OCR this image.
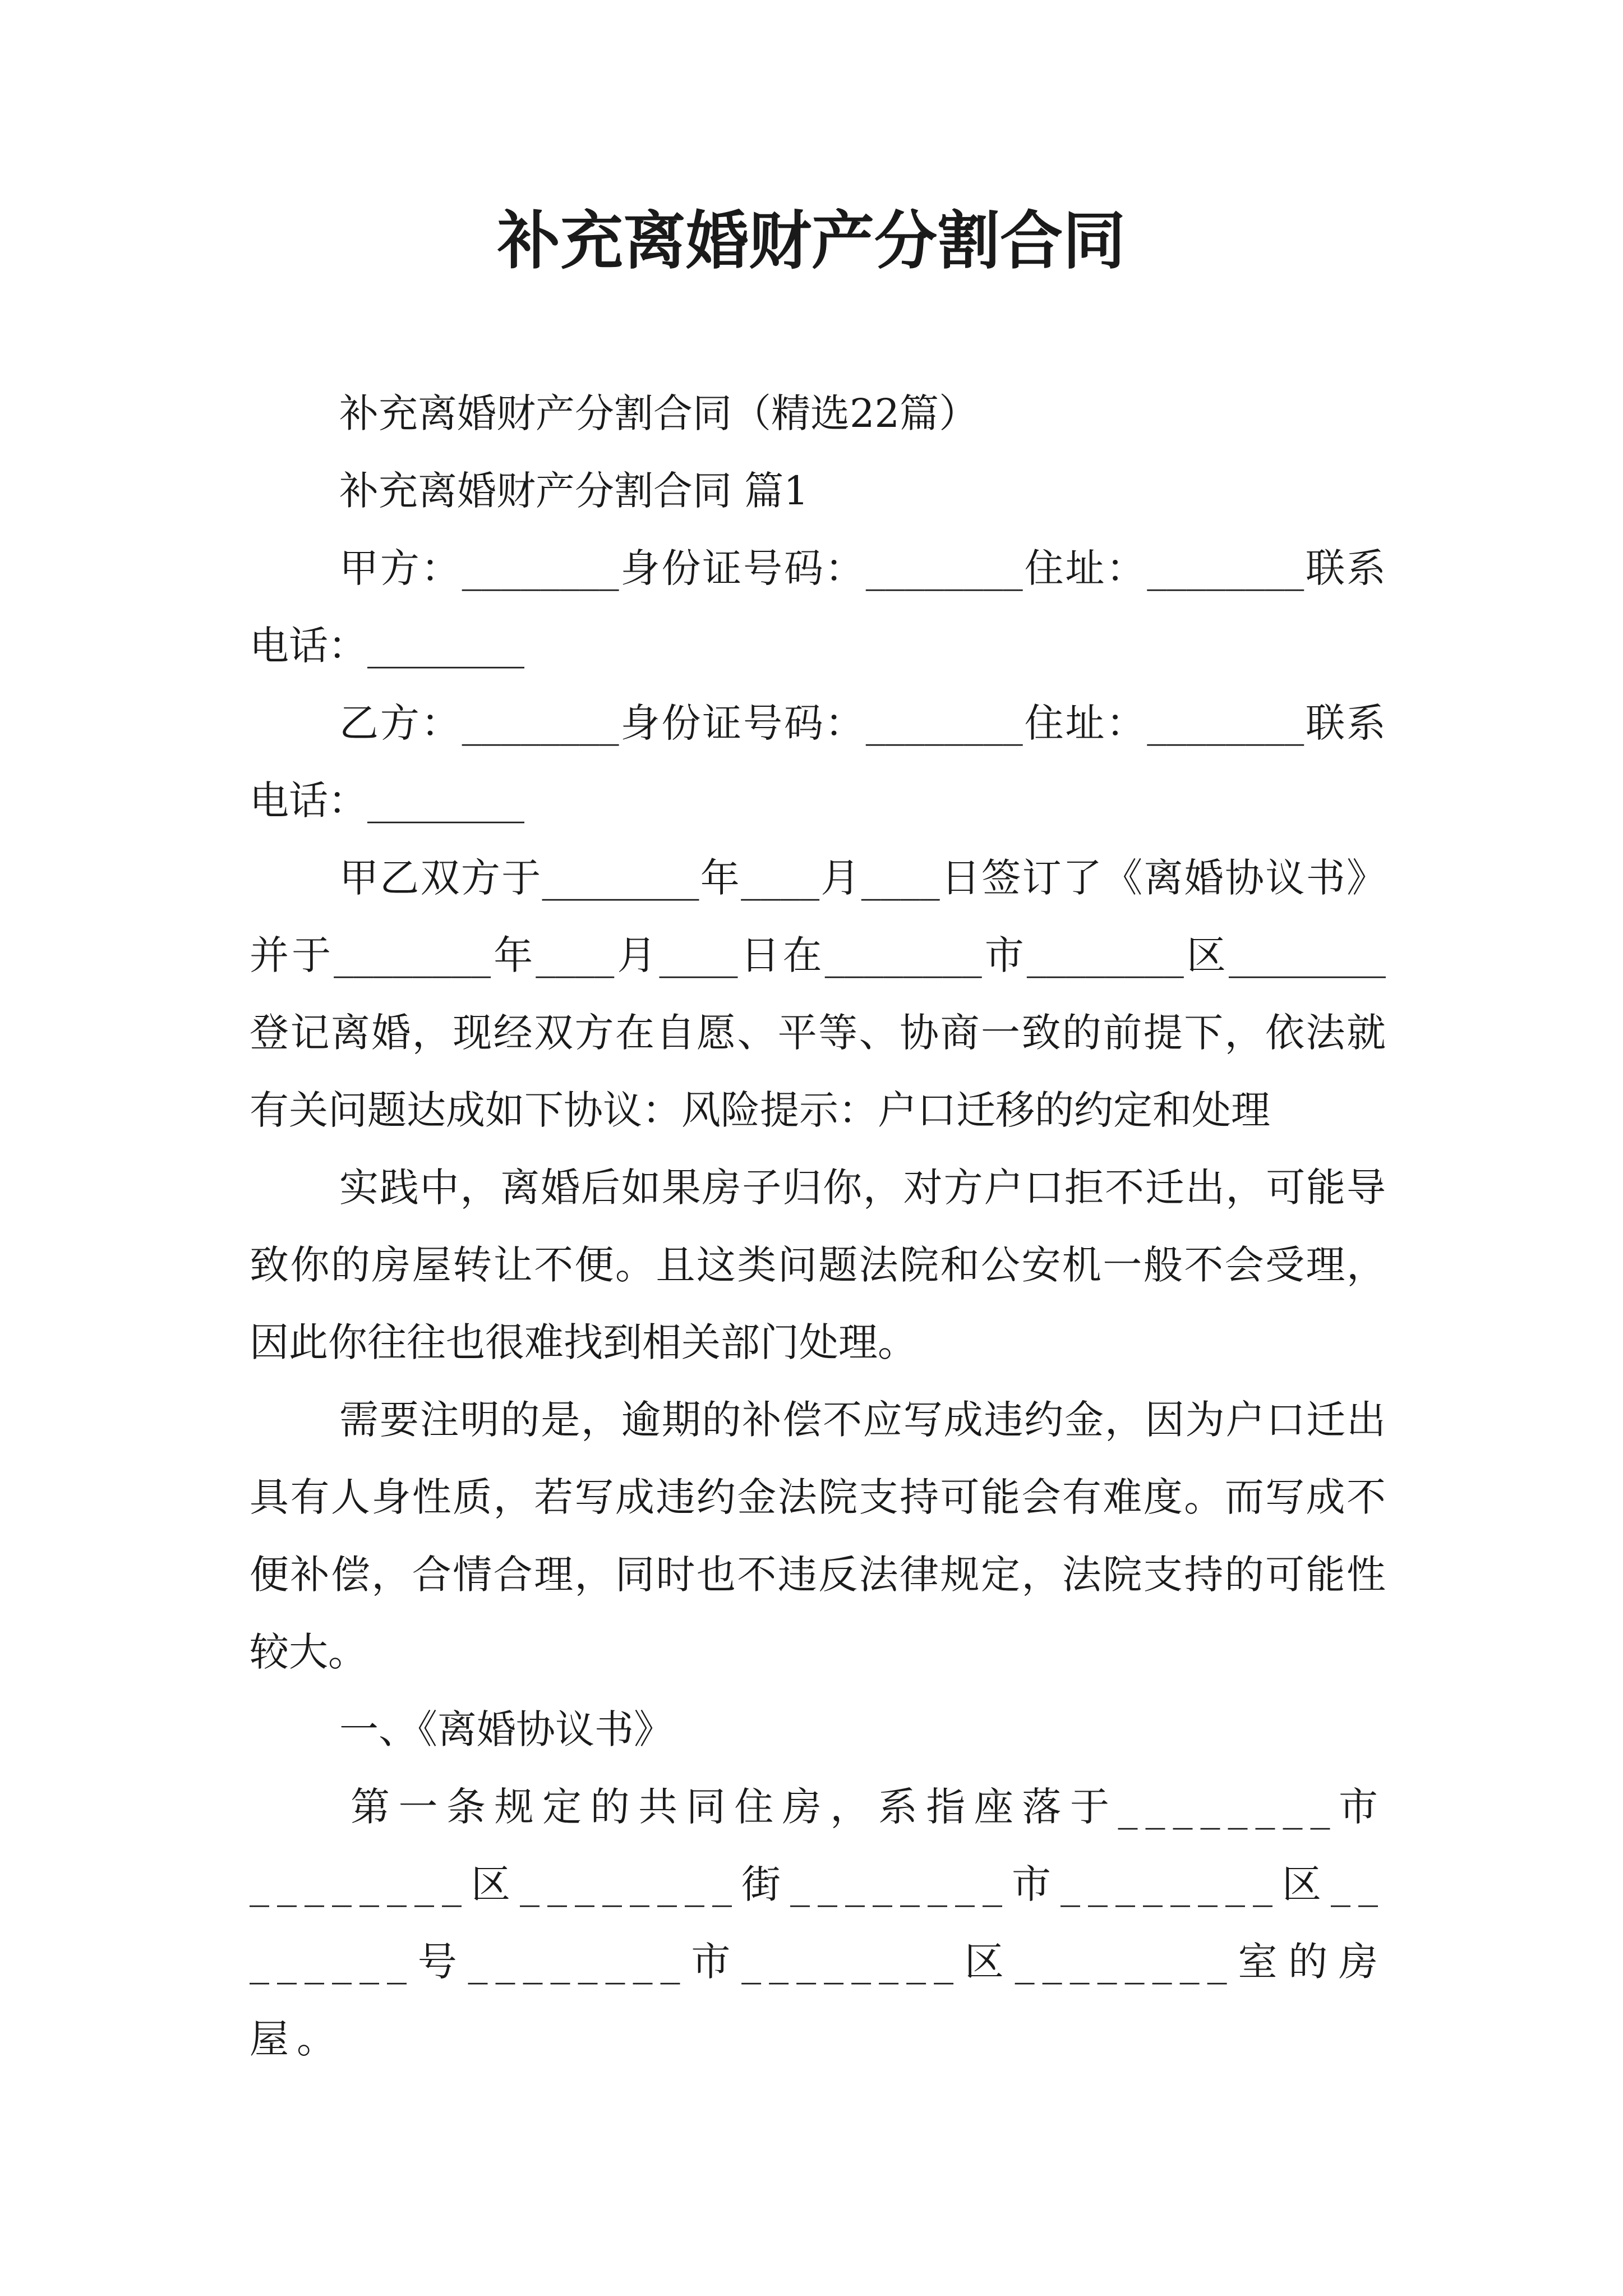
补充离婚财产分割合同

补充离婚财产分割合同（精选22篇）

补充离婚财产分割合同 篇1

甲方：________身份证号码：________住址：________联系电话：________

乙方：________身份证号码：________住址：________联系电话：________

甲乙双方于________年____月____日签订了《离婚协议书》并于________年____月____日在________市________区________登记离婚，现经双方在自愿、平等、协商一致的前提下，依法就有关问题达成如下协议：风险提示：户口迁移的约定和处理

实践中，离婚后如果房子归你，对方户口拒不迁出，可能导致你的房屋转让不便。且这类问题法院和公安机一般不会受理，因此你往往也很难找到相关部门处理。

需要注明的是，逾期的补偿不应写成违约金，因为户口迁出具有人身性质，若写成违约金法院支持可能会有难度。而写成不便补偿，合情合理，同时也不违反法律规定，法院支持的可能性较大。

一、《离婚协议书》

第一条规定的共同住房，系指座落于________市________区________街________市________区________号________市________区________室的房屋。
